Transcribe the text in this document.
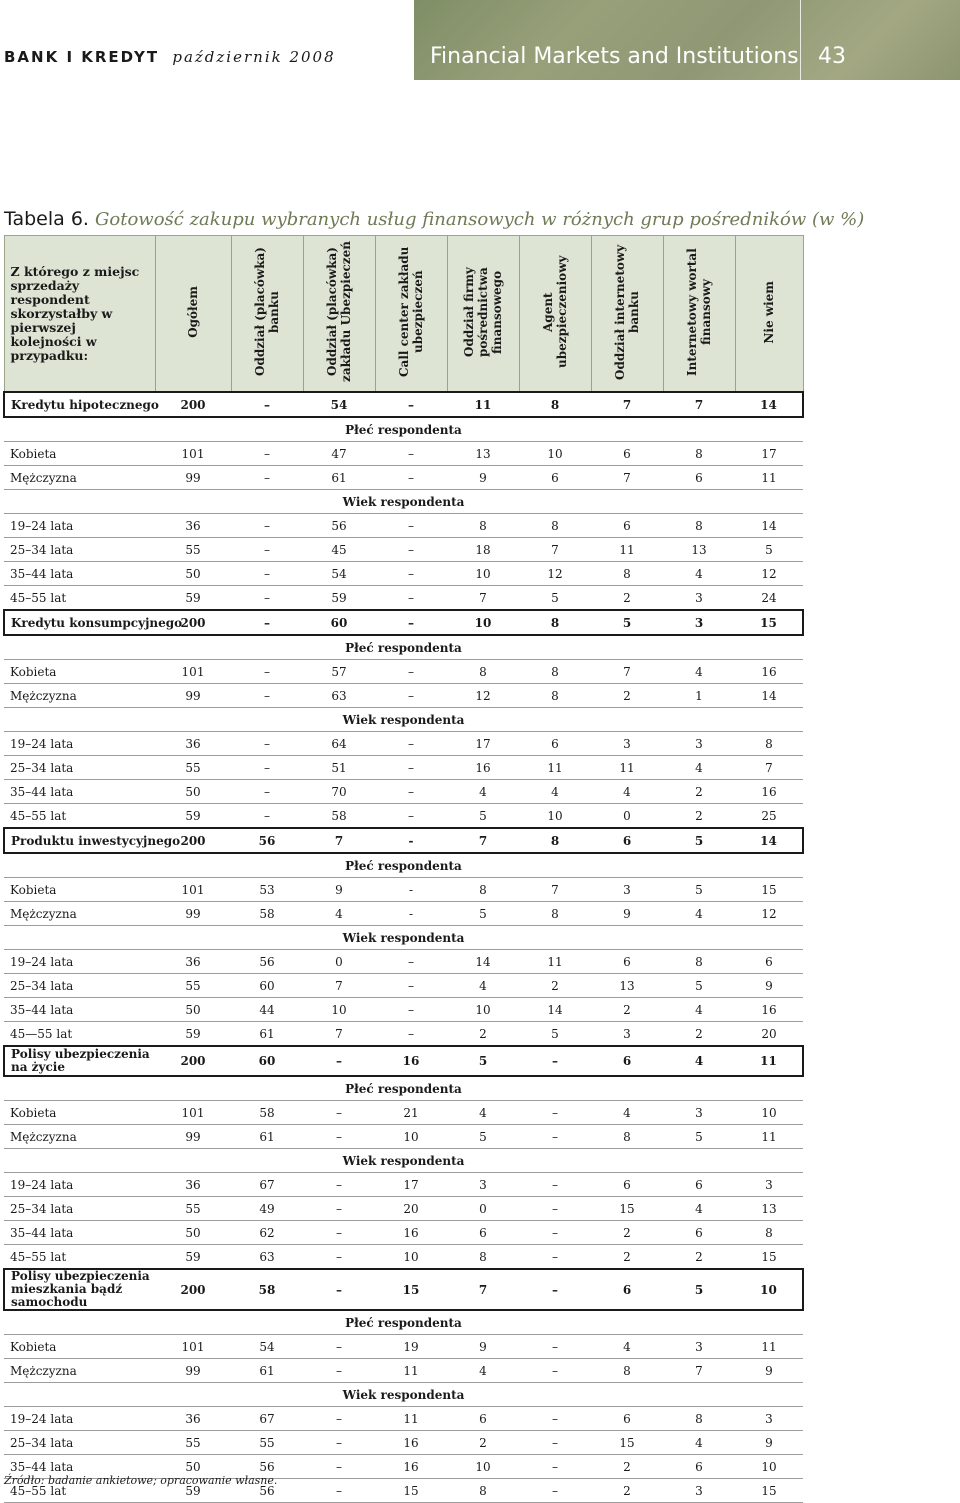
BANK I KREDYT październik 2008	Financial Markets and Institutions 43
Tabela 6. Gotowość zakupu wybranych usług finansowych w różnych grup pośredników (w %)
Z którego z miejsc sprzedaży respondent skorzystałby w pierwszej kolejności w przypadku:	Ogółem	Oddział (placówka) banku	Oddział (placówka) zakładu Ubezpieczeń	Call center zakładu ubezpieczeń	Oddział firmy pośrednictwa finansowego	Agent ubezpieczeniowy	Oddział internetowy banku	Internetowy wortal finansowy	Nie wiem
Kredytu hipotecznego	200	–	54	–	11	8	7	7	14
Płeć respondenta									
Kobieta	101	–	47	–	13	10	6	8	17
Mężczyzna	99	–	61	–	9	6	7	6	11
Wiek respondenta									
19–24 lata	36	–	56	–	8	8	6	8	14
25–34 lata	55	–	45	–	18	7	11	13	5
35–44 lata	50	–	54	–	10	12	8	4	12
45–55 lat	59	–	59	–	7	5	2	3	24
Kredytu konsumpcyjnego	200	–	60	–	10	8	5	3	15
Płeć respondenta									
Kobieta	101	–	57	–	8	8	7	4	16
Mężczyzna	99	–	63	–	12	8	2	1	14
Wiek respondenta									
19–24 lata	36	–	64	–	17	6	3	3	8
25–34 lata	55	–	51	–	16	11	11	4	7
35–44 lata	50	–	70	–	4	4	4	2	16
45–55 lat	59	–	58	–	5	10	0	2	25
Produktu inwestycyjnego	200	56	7	-	7	8	6	5	14
Płeć respondenta									
Kobieta	101	53	9	-	8	7	3	5	15
Mężczyzna	99	58	4	-	5	8	9	4	12
Wiek respondenta									
19–24 lata	36	56	0	–	14	11	6	8	6
25–34 lata	55	60	7	–	4	2	13	5	9
35–44 lata	50	44	10	–	10	14	2	4	16
45—55 lat	59	61	7	–	2	5	3	2	20
Polisy ubezpieczenia na życie	200	60	–	16	5	–	6	4	11
Płeć respondenta									
Kobieta	101	58	–	21	4	–	4	3	10
Mężczyzna	99	61	–	10	5	–	8	5	11
Wiek respondenta									
19–24 lata	36	67	–	17	3	–	6	6	3
25–34 lata	55	49	–	20	0	–	15	4	13
35–44 lata	50	62	–	16	6	–	2	6	8
45–55 lat	59	63	–	10	8	–	2	2	15
Polisy ubezpieczenia mieszkania bądź samochodu	200	58	–	15	7	–	6	5	10
Płeć respondenta									
Kobieta	101	54	–	19	9	–	4	3	11
Mężczyzna	99	61	–	11	4	–	8	7	9
Wiek respondenta									
19–24 lata	36	67	–	11	6	–	6	8	3
25–34 lata	55	55	–	16	2	–	15	4	9
35–44 lata	50	56	–	16	10	–	2	6	10
45–55 lat	59	56	–	15	8	–	2	3	15
Źródło: badanie ankietowe; opracowanie własne.
